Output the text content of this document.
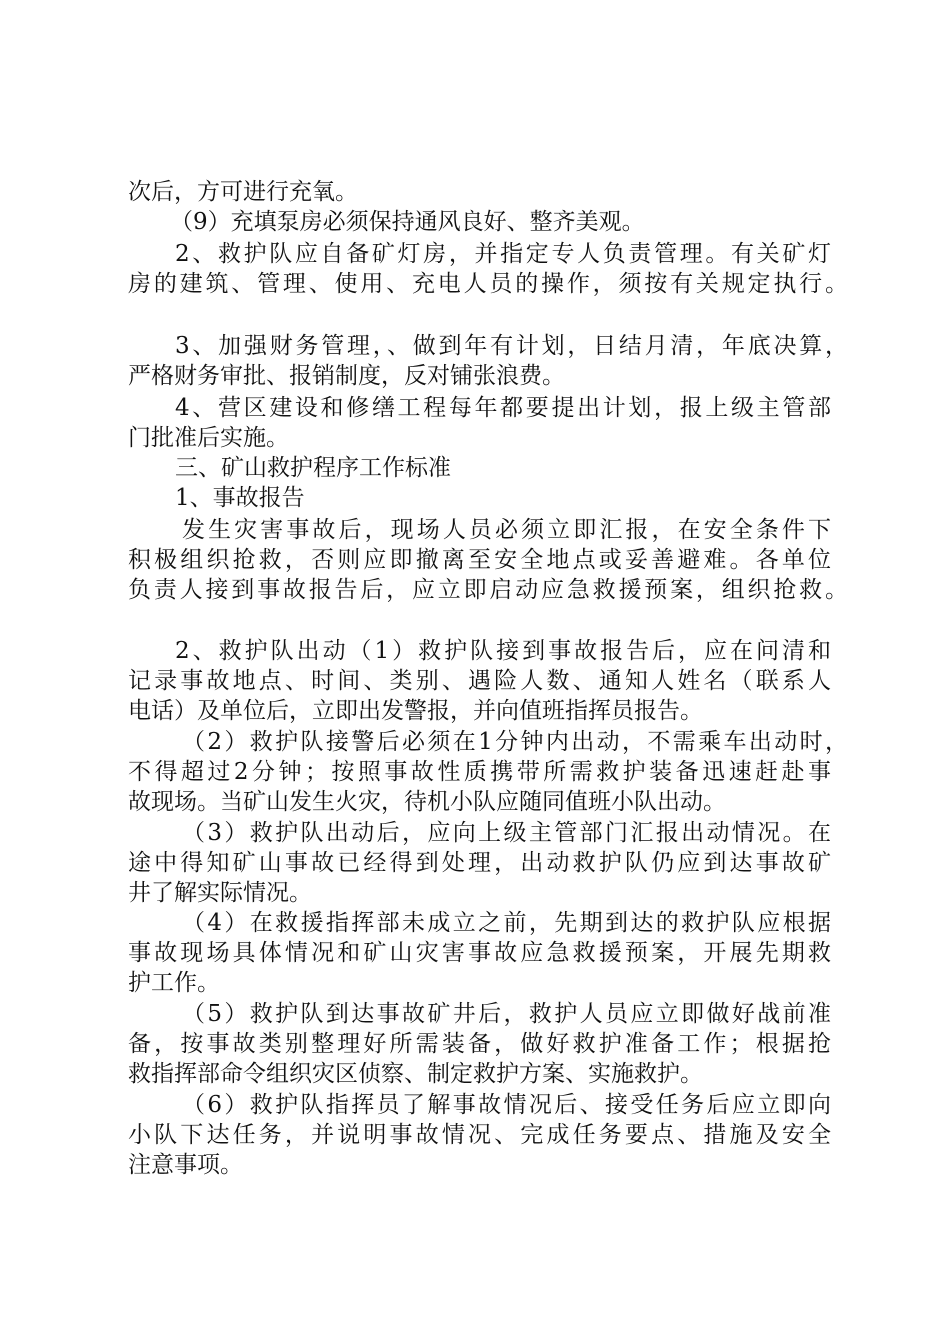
次后，方可进行充氧。
（9）充填泵房必须保持通风良好、整齐美观。
2、救护队应自备矿灯房，并指定专人负责管理。有关矿灯
房的建筑、管理、使用、充电人员的操作，须按有关规定执行。
3、加强财务管理，、做到年有计划，日结月清，年底决算，
严格财务审批、报销制度，反对铺张浪费。
4、营区建设和修缮工程每年都要提出计划，报上级主管部
门批准后实施。
三、矿山救护程序工作标准
1、事故报告
发生灾害事故后，现场人员必须立即汇报，在安全条件下
积极组织抢救，否则应即撤离至安全地点或妥善避难。各单位
负责人接到事故报告后，应立即启动应急救援预案，组织抢救。
2、救护队出动（1）救护队接到事故报告后，应在问清和
记录事故地点、时间、类别、遇险人数、通知人姓名（联系人
电话）及单位后，立即出发警报，并向值班指挥员报告。
（2）救护队接警后必须在1分钟内出动，不需乘车出动时，
不得超过2分钟；按照事故性质携带所需救护装备迅速赶赴事
故现场。当矿山发生火灾，待机小队应随同值班小队出动。
（3）救护队出动后，应向上级主管部门汇报出动情况。在
途中得知矿山事故已经得到处理，出动救护队仍应到达事故矿
井了解实际情况。
（4）在救援指挥部未成立之前，先期到达的救护队应根据
事故现场具体情况和矿山灾害事故应急救援预案，开展先期救
护工作。
（5）救护队到达事故矿井后，救护人员应立即做好战前准
备，按事故类别整理好所需装备，做好救护准备工作；根据抢
救指挥部命令组织灾区侦察、制定救护方案、实施救护。
（6）救护队指挥员了解事故情况后、接受任务后应立即向
小队下达任务，并说明事故情况、完成任务要点、措施及安全
注意事项。
